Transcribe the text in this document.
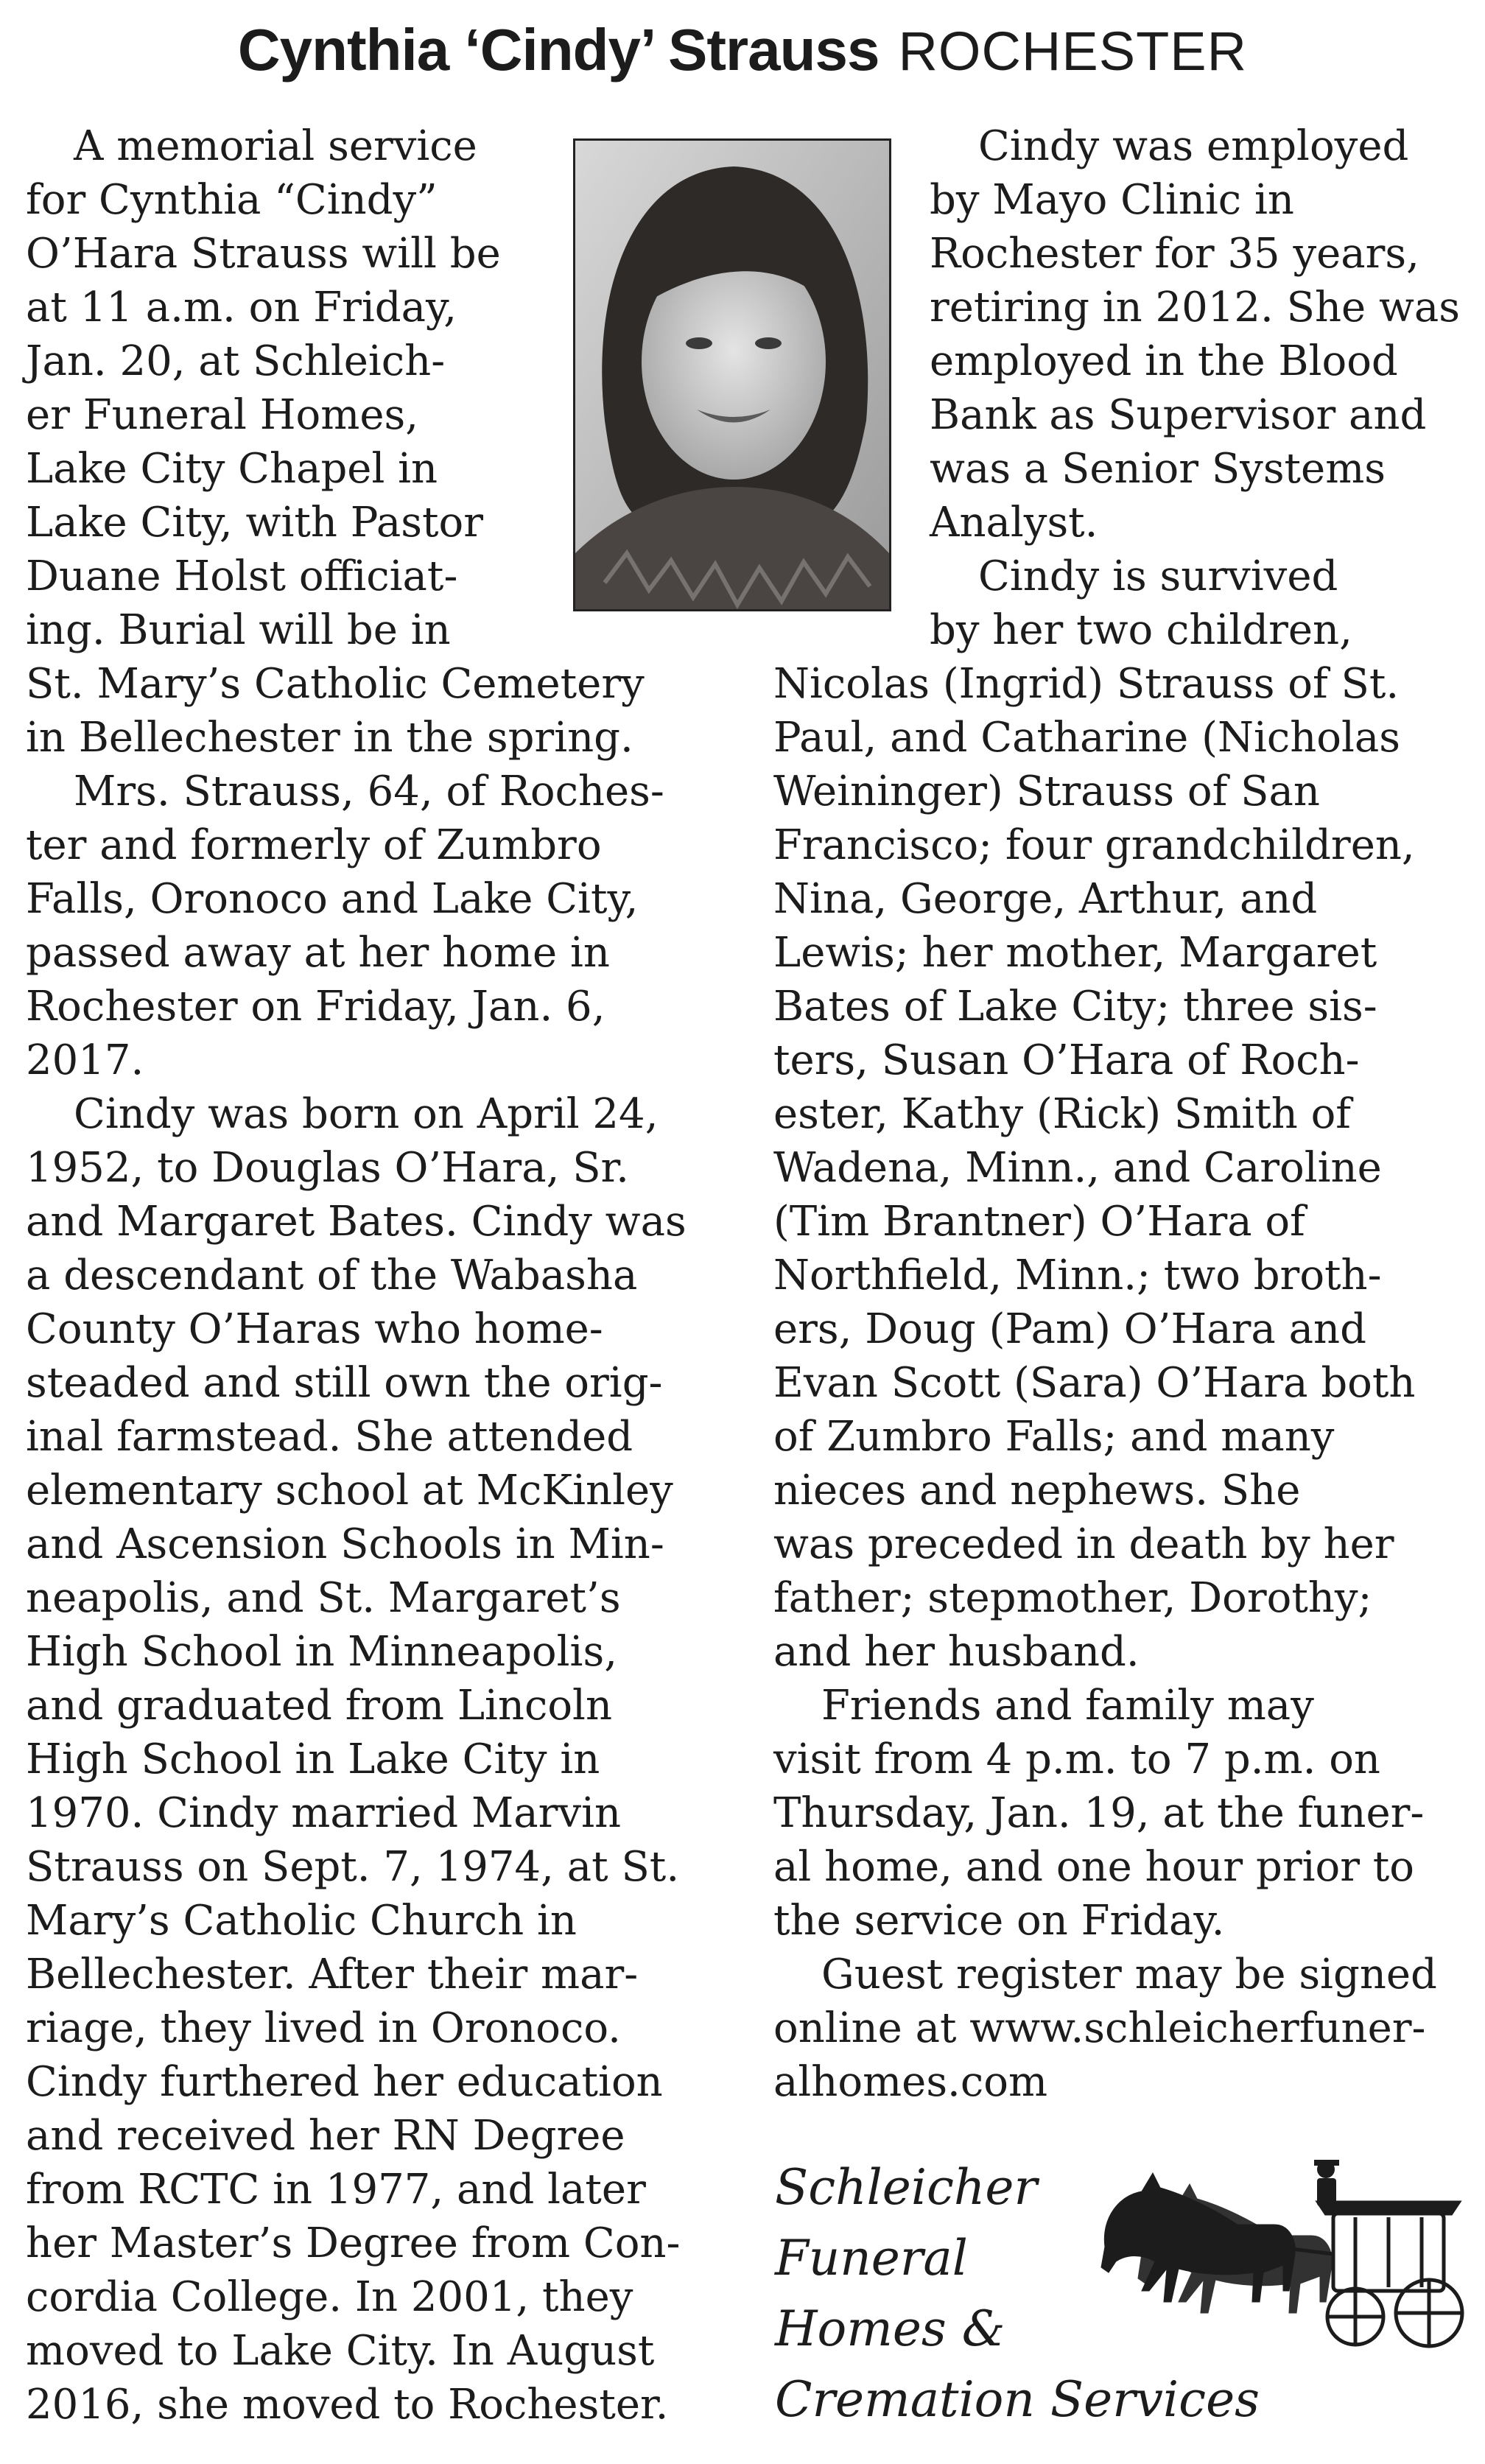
Cynthia ‘Cindy’ Strauss ROCHESTER
A memorial service
for Cynthia “Cindy”
O’Hara Strauss will be
at 11 a.m. on Friday,
Jan. 20, at Schleich-
er Funeral Homes,
Lake City Chapel in
Lake City, with Pastor
Duane Holst officiat-
ing. Burial will be in
St. Mary’s Catholic Cemetery
in Bellechester in the spring.
Mrs. Strauss, 64, of Roches-
ter and formerly of Zumbro
Falls, Oronoco and Lake City,
passed away at her home in
Rochester on Friday, Jan. 6,
2017.
Cindy was born on April 24,
1952, to Douglas O’Hara, Sr.
and Margaret Bates. Cindy was
a descendant of the Wabasha
County O’Haras who home-
steaded and still own the orig-
inal farmstead. She attended
elementary school at McKinley
and Ascension Schools in Min-
neapolis, and St. Margaret’s
High School in Minneapolis,
and graduated from Lincoln
High School in Lake City in
1970. Cindy married Marvin
Strauss on Sept. 7, 1974, at St.
Mary’s Catholic Church in
Bellechester. After their mar-
riage, they lived in Oronoco.
Cindy furthered her education
and received her RN Degree
from RCTC in 1977, and later
her Master’s Degree from Con-
cordia College. In 2001, they
moved to Lake City. In August
2016, she moved to Rochester.
Cindy was employed
by Mayo Clinic in
Rochester for 35 years,
retiring in 2012. She was
employed in the Blood
Bank as Supervisor and
was a Senior Systems
Analyst.
Cindy is survived
by her two children,
Nicolas (Ingrid) Strauss of St.
Paul, and Catharine (Nicholas
Weininger) Strauss of San
Francisco; four grandchildren,
Nina, George, Arthur, and
Lewis; her mother, Margaret
Bates of Lake City; three sis-
ters, Susan O’Hara of Roch-
ester, Kathy (Rick) Smith of
Wadena, Minn., and Caroline
(Tim Brantner) O’Hara of
Northfield, Minn.; two broth-
ers, Doug (Pam) O’Hara and
Evan Scott (Sara) O’Hara both
of Zumbro Falls; and many
nieces and nephews. She
was preceded in death by her
father; stepmother, Dorothy;
and her husband.
Friends and family may
visit from 4 p.m. to 7 p.m. on
Thursday, Jan. 19, at the funer-
al home, and one hour prior to
the service on Friday.
Guest register may be signed
online at www.schleicherfuner-
alhomes.com
Schleicher
Funeral
Homes &
Cremation Services
